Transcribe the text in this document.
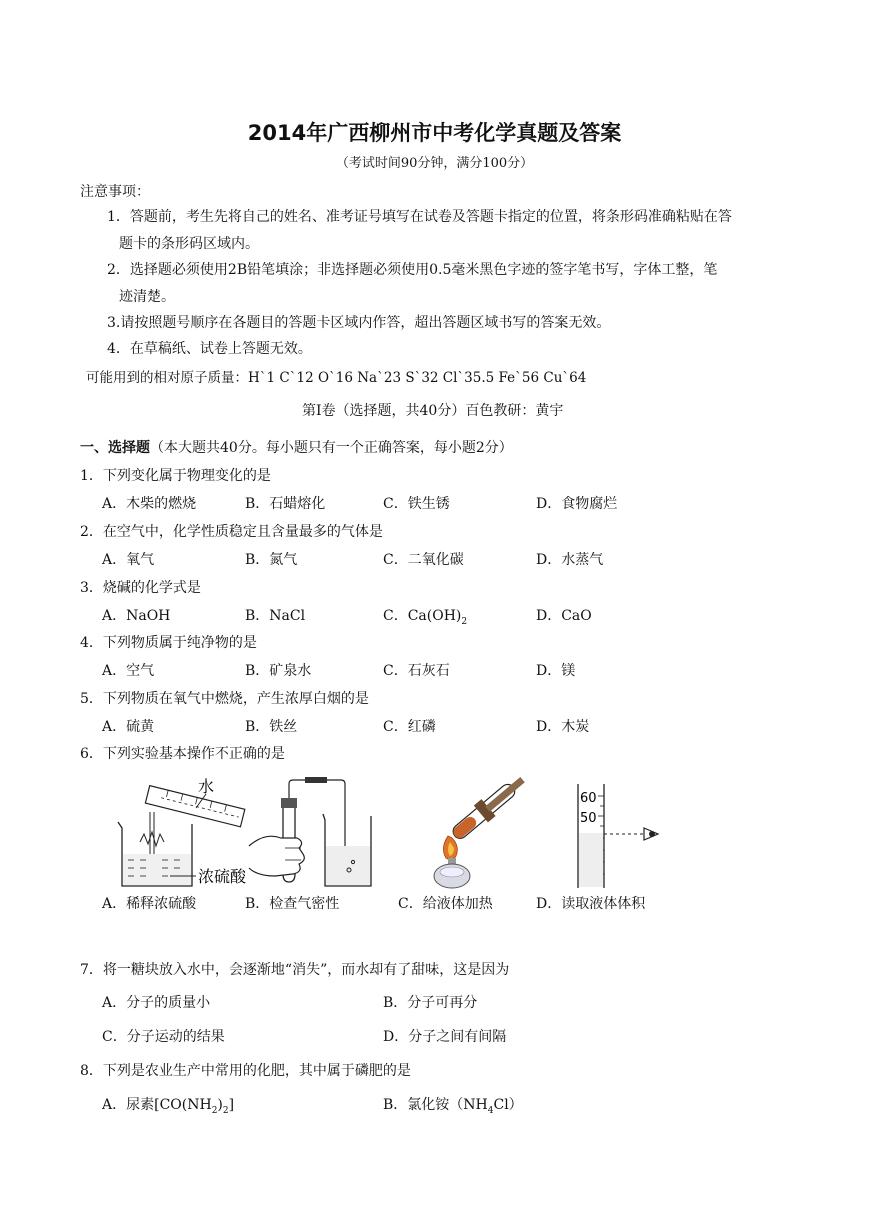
2014年广西柳州市中考化学真题及答案
（考试时间90分钟，满分100分）
注意事项：
1．答题前，考生先将自己的姓名、准考证号填写在试卷及答题卡指定的位置，将条形码准确粘贴在答
题卡的条形码区域内。
2．选择题必须使用2B铅笔填涂；非选择题必须使用0.5毫米黑色字迹的签字笔书写，字体工整，笔
迹清楚。
3.请按照题号顺序在各题目的答题卡区域内作答，超出答题区域书写的答案无效。
4．在草稿纸、试卷上答题无效。
可能用到的相对原子质量：H`1 C`12 O`16 Na`23 S`32 Cl`35.5 Fe`56 Cu`64
第Ⅰ卷（选择题，共40分）百色教研：黄宇
一、选择题（本大题共40分。每小题只有一个正确答案，每小题2分）
1．下列变化属于物理变化的是
A．木柴的燃烧	B．石蜡熔化	C．铁生锈	D．食物腐烂
2．在空气中，化学性质稳定且含量最多的气体是
A．氧气	B．氮气	C．二氧化碳	D．水蒸气
3．烧碱的化学式是
A．NaOH	B．NaCl	C．$Ca(OH)_2$	D．CaO
4．下列物质属于纯净物的是
A．空气	B．矿泉水	C．石灰石	D．镁
5．下列物质在氧气中燃烧，产生浓厚白烟的是
A．硫黄	B．铁丝	C．红磷	D．木炭
6．下列实验基本操作不正确的是
水
浓硫酸
60
50
A．稀释浓硫酸	B．检查气密性	C．给液体加热	D．读取液体体积
7．将一糖块放入水中，会逐渐地“消失”，而水却有了甜味，这是因为
A．分子的质量小	B．分子可再分
C．分子运动的结果	D．分子之间有间隔
8．下列是农业生产中常用的化肥，其中属于磷肥的是
A．尿素$[CO(NH_2)_2]$	B．氯化铵$(NH_4Cl)$
